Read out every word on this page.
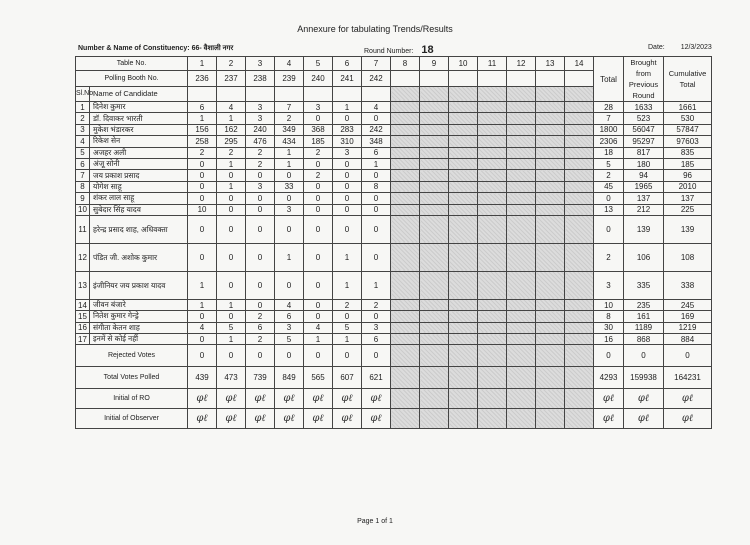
Annexure for tabulating Trends/Results
Number & Name of Constituency: 66- वैशाली नगर	Round Number: 18	Date: 12/3/2023
Table No.		1	2	3	4	5	6	7	8	9	10	11	12	13	14	Total	Brought from Previous Round	Cumulative Total
Polling Booth No.		236	237	238	239	240	241	242										
Sl.No.	Name of Candidate																	
1	दिनेश कुमार	6	4	3	7	3	1	4								28	1633	1661
2	डॉ. दिवाकर भारती	1	1	3	2	0	0	0								7	523	530
3	मुकेश भंडारकर	156	162	240	349	368	283	242								1800	56047	57847
4	रिकेश सेन	258	295	476	434	185	310	348								2306	95297	97603
5	अजहर अली	2	2	2	1	2	3	6								18	817	835
6	अंजू सोनी	0	1	2	1	0	0	1								5	180	185
7	जय प्रकाश प्रसाद	0	0	0	0	2	0	0								2	94	96
8	योगेश साहू	0	1	3	33	0	0	8								45	1965	2010
9	शंकर लाल साहू	0	0	0	0	0	0	0								0	137	137
10	सुबेदार सिंह यादव	10	0	0	3	0	0	0								13	212	225
11	हरेन्द्र प्रसाद शाह, अधिवक्ता	0	0	0	0	0	0	0								0	139	139
12	पंडित जी. अशोक कुमार	0	0	0	1	0	1	0								2	106	108
13	इंजीनियर जय प्रकाश यादव	1	0	0	0	0	1	1								3	335	338
14	जीवन बंजारे	1	1	0	4	0	2	2								10	235	245
15	नितेश कुमार गेन्ड्रे	0	0	2	6	0	0	0								8	161	169
16	संगीता केतन शाह	4	5	6	3	4	5	3								30	1189	1219
17	इनमें से कोई नहीं	0	1	2	5	1	1	6								16	868	884
Rejected Votes		0	0	0	0	0	0	0								0	0	0
Total Votes Polled		439	473	739	849	565	607	621								4293	159938	164231
Initial of RO		φℓ	φℓ	φℓ	φℓ	φℓ	φℓ	φℓ								φℓ	φℓ	φℓ
Initial of Observer		φℓ	φℓ	φℓ	φℓ	φℓ	φℓ	φℓ								φℓ	φℓ	φℓ
Page 1 of 1
